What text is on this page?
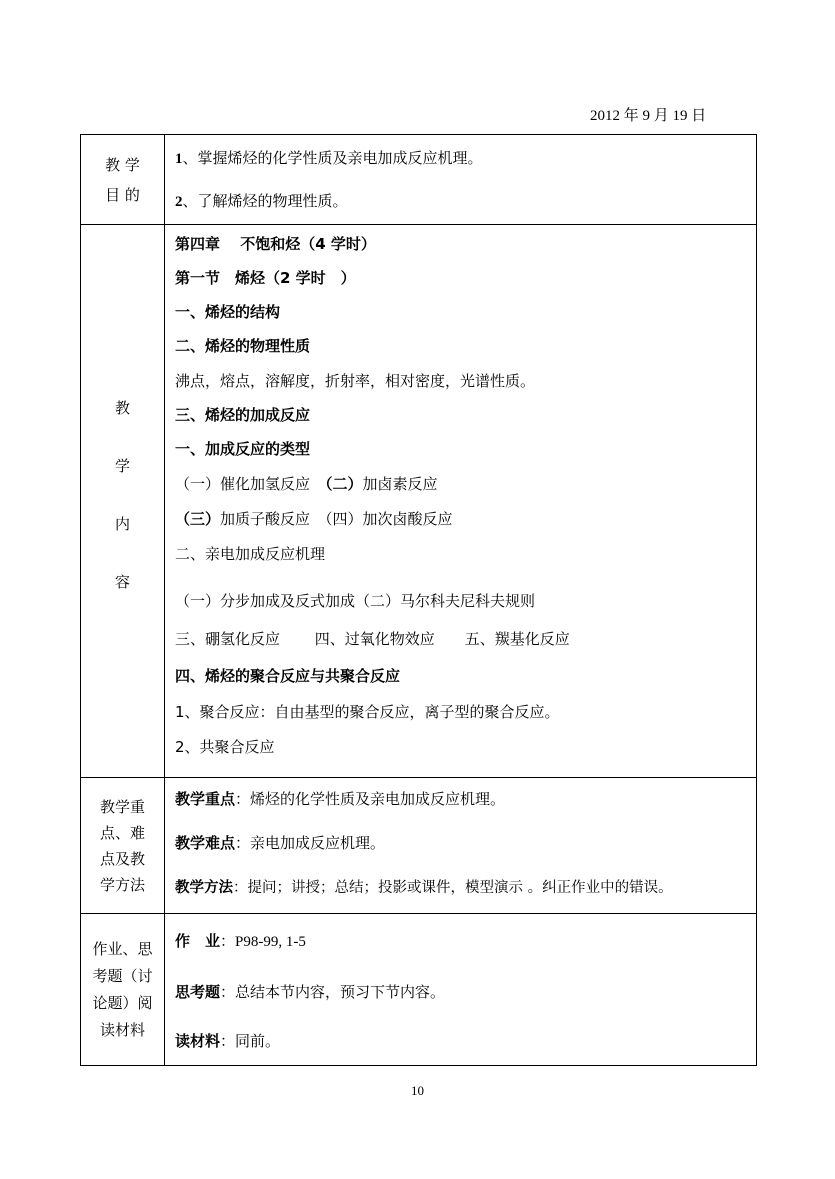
2012 年 9 月 19 日
教 学
目 的
1、掌握烯烃的化学性质及亲电加成反应机理。
2、了解烯烃的物理性质。
教
学
内
容
第四章　 不饱和烃（4 学时）
第一节　烯烃（2 学时　）
一、烯烃的结构
二、烯烃的物理性质
沸点，熔点，溶解度，折射率，相对密度，光谱性质。
三、烯烃的加成反应
一、加成反应的类型
（一）催化加氢反应　（二）加卤素反应
（三）加质子酸反应　（四）加次卤酸反应
二、亲电加成反应机理
（一）分步加成及反式加成（二）马尔科夫尼科夫规则
三、硼氢化反应　　 四、过氧化物效应　　五、羰基化反应
四、烯烃的聚合反应与共聚合反应
1、聚合反应：自由基型的聚合反应，离子型的聚合反应。
2、共聚合反应
教学重
点、难
点及教
学方法
教学重点：烯烃的化学性质及亲电加成反应机理。
教学难点：亲电加成反应机理。
教学方法：提问；讲授；总结；投影或课件，模型演示 。纠正作业中的错误。
作业、思
考题（讨
论题）阅
读材料
作　业：P98-99, 1-5
思考题：总结本节内容，预习下节内容。
读材料：同前。
10
